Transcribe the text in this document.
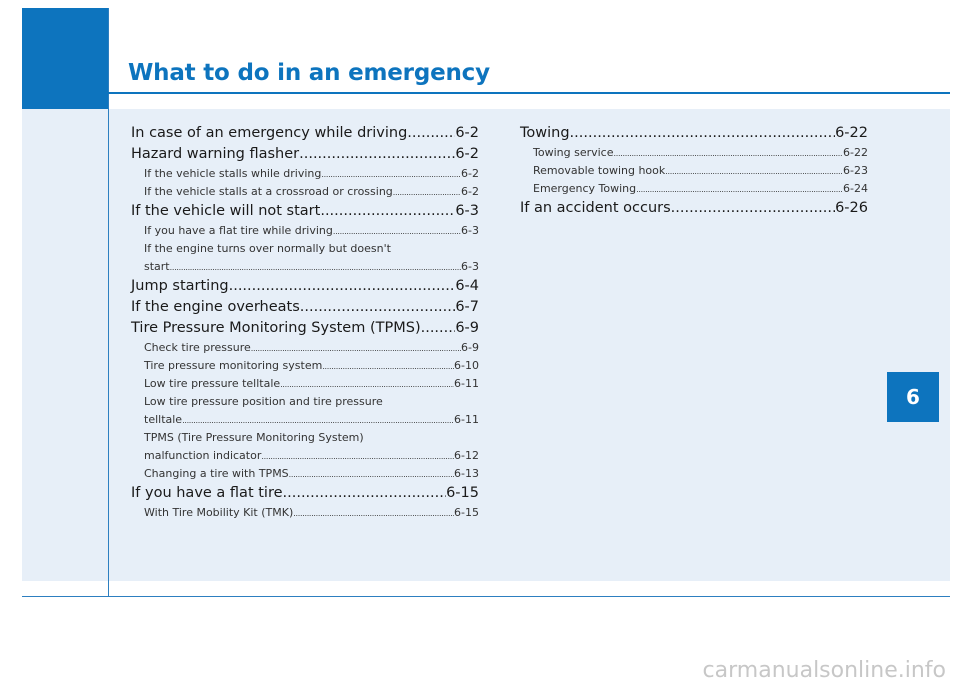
What to do in an emergency
In case of an emergency while driving .....	6-2
Hazard warning flasher .....	6-2
If the vehicle stalls while driving .....	6-2
If the vehicle stalls at a crossroad or crossing .....	6-2
If the vehicle will not start .....	6-3
If you have a flat tire while driving .....	6-3
If the engine turns over normally but doesn't
start .....	6-3
Jump starting .....	6-4
If the engine overheats .....	6-7
Tire Pressure Monitoring System (TPMS) ..... 6-9
Check tire pressure .....	6-9
Tire pressure monitoring system .....	6-10
Low tire pressure telltale .....	6-11
Low tire pressure position and tire pressure
telltale .....	6-11
TPMS (Tire Pressure Monitoring System)
malfunction indicator .....	6-12
Changing a tire with TPMS .....	6-13
If you have a flat tire .....	6-15
With Tire Mobility Kit (TMK) .....	6-15
Towing .....	6-22
Towing service .....	6-22
Removable towing hook .....	6-23
Emergency Towing .....	6-24
If an accident occurs .....	6-26
6
carmanualsonline.info
